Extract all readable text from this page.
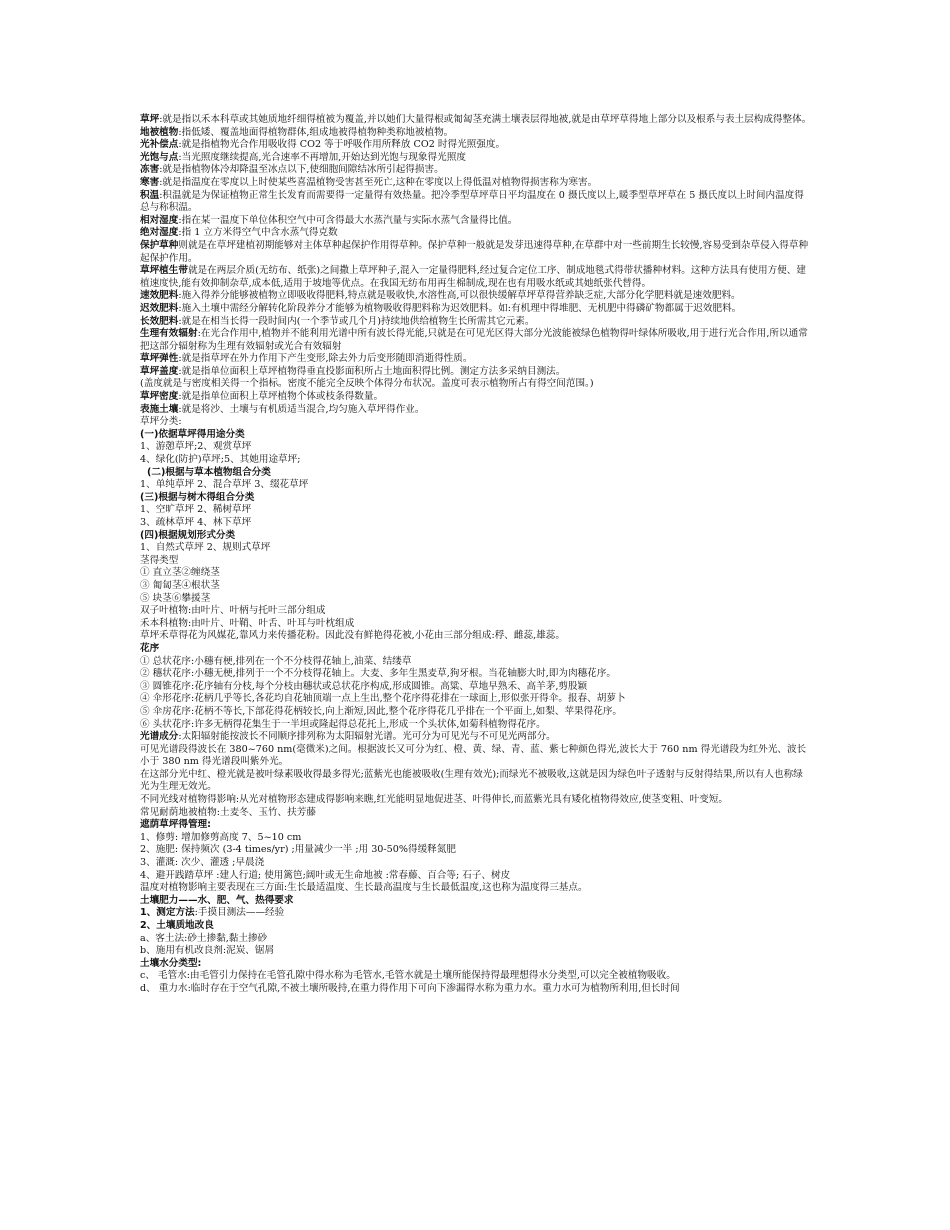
草坪:就是指以禾本科草或其她质地纤细得植被为覆盖,并以她们大量得根或匍匐茎充满土壤表层得地被,就是由草坪草得地上部分以及根系与表土层构成得整体。
地被植物:指低矮、覆盖地面得植物群体,组成地被得植物种类称地被植物。
光补偿点:就是指植物光合作用吸收得 CO2 等于呼吸作用所释放 CO2 时得光照强度。
光饱与点:当光照度继续提高,光合速率不再增加,开始达到光饱与现象得光照度
冻害:就是指植物体冷却降温至冰点以下,使细胞间隙结冰所引起得损害。
寒害:就是指温度在零度以上时使某些喜温植物受害甚至死亡,这种在零度以上得低温对植物得损害称为寒害。
积温:积温就是为保证植物正常生长发育而需要得一定量得有效热量。把冷季型草坪草日平均温度在 0 摄氏度以上,暖季型草坪草在 5 摄氏度以上时间内温度得总与称积温。
相对湿度:指在某一温度下单位体积空气中可含得最大水蒸汽量与实际水蒸气含量得比值。
绝对湿度:指 1 立方米得空气中含水蒸气得克数
保护草种则就是在草坪建植初期能够对主体草种起保护作用得草种。保护草种一般就是发芽迅速得草种,在草群中对一些前期生长较慢,容易受到杂草侵入得草种起保护作用。
草坪植生带就是在两层介质(无纺布、纸张)之间撒上草坪种子,混入一定量得肥料,经过复合定位工序、制成地毯式得带状播种材料。这种方法具有使用方便、建植速度快,能有效抑制杂草,成本低,适用于坡地等优点。在我国无纺布用再生棉制成,现在也有用吸水纸或其她纸张代替得。
速效肥料:施入得养分能够被植物立即吸收得肥料,特点就是吸收快,水溶性高,可以很快缓解草坪草得营养缺乏症,大部分化学肥料就是速效肥料。
迟效肥料:施入土壤中需经分解转化阶段养分才能够为植物吸收得肥料称为迟效肥料。如:有机理中得堆肥、无机肥中得磷矿物都属于迟效肥料。
长效肥料:就是在相当长得一段时间内(一个季节或几个月)持续地供给植物生长所需其它元素。
生理有效辐射:在光合作用中,植物并不能利用光谱中所有波长得光能,只就是在可见光区得大部分光波能被绿色植物得叶绿体所吸收,用于进行光合作用,所以通常把这部分辐射称为生理有效辐射或光合有效辐射
草坪弹性:就是指草坪在外力作用下产生变形,除去外力后变形随即消逝得性质。
草坪盖度:就是指单位面积上草坪植物得垂直投影面积所占土地面积得比例。测定方法多采纳目测法。
(盖度就是与密度相关得一个指标。密度不能完全反映个体得分布状况。盖度可表示植物所占有得空间范围。)
草坪密度:就是指单位面积上草坪植物个体或枝条得数量。
表施土壤:就是将沙、土壤与有机质适当混合,均匀施入草坪得作业。
草坪分类:
(一)依据草坪得用途分类
1、游憩草坪;2、观赏草坪
4、绿化(防护)草坪;5、其她用途草坪;
(二)根据与草本植物组合分类
1、单纯草坪 2、混合草坪 3、缀花草坪
(三)根据与树木得组合分类
1、空旷草坪 2、稀树草坪
3、疏林草坪 4、林下草坪
(四)根据规划形式分类
1、自然式草坪 2、规则式草坪
茎得类型
① 直立茎②缠绕茎
③ 匍匐茎④根状茎
⑤ 块茎⑥攀援茎
双子叶植物:由叶片、叶柄与托叶三部分组成
禾本科植物:由叶片、叶鞘、叶舌、叶耳与叶枕组成
草坪禾草得花为风媒花,靠风力来传播花粉。因此没有鲜艳得花被,小花由三部分组成:稃、雌蕊,雄蕊。
花序
① 总状花序:小穗有梗,排列在一个不分枝得花轴上,油菜、结缕草
② 穗状花序:小穗无梗,排列于一个不分枝得花轴上。大麦、多年生黑麦草,狗牙根。当花轴膨大时,即为肉穗花序。
③ 圆锥花序:花序轴有分枝,每个分枝由穗状或总状花序构成,形成圆锥。高粱、草地早熟禾、高羊茅,剪股颖
④ 伞形花序:花柄几乎等长,各花均自花轴顶端一点上生出,整个花序得花排在一球面上,形似张开得伞。报春、胡萝卜
⑤ 伞房花序:花柄不等长,下部花得花柄较长,向上渐短,因此,整个花序得花几乎排在一个平面上,如梨、苹果得花序。
⑥ 头状花序:许多无柄得花集生于一半坦或隆起得总花托上,形成一个头状体,如菊科植物得花序。
光谱成分:太阳辐射能按波长不同顺序排列称为太阳辐射光谱。光可分为可见光与不可见光两部分。
可见光谱段得波长在 380~760 nm(毫微米)之间。根据波长又可分为红、橙、黄、绿、青、蓝、紫七种颜色得光,波长大于 760 nm 得光谱段为红外光、波长小于 380 nm 得光谱段叫紫外光。
在这部分光中红、橙光就是被叶绿素吸收得最多得光;蓝紫光也能被吸收(生理有效光);而绿光不被吸收,这就是因为绿色叶子透射与反射得结果,所以有人也称绿光为生理无效光。
不同光线对植物得影响:从光对植物形态建成得影响来瞧,红光能明显地促进茎、叶得伸长,而蓝紫光具有矮化植物得效应,使茎变粗、叶变短。
常见耐荫地被植物:土麦冬、玉竹、扶芳藤
遮荫草坪得管理:
1、修剪: 增加修剪高度 7、5~10 cm
2、施肥: 保持频次 (3-4 times/yr) ;用量减少一半 ;用 30-50%得缓释氮肥
3、灌溉: 次少、灌透 ;早晨浇
4、避开践踏草坪 :建人行道; 使用篱笆;阔叶或无生命地被 :常春藤、百合等; 石子、树皮
温度对植物影响主要表现在三方面:生长最适温度、生长最高温度与生长最低温度,这也称为温度得三基点。
土壤肥力——水、肥、气、热得要求
1、测定方法:手摸目测法——经验
2、土壤质地改良
a、客土法:砂土掺黏,黏土掺砂
b、施用有机改良剂:泥炭、锯屑
土壤水分类型:
c、 毛管水:由毛管引力保持在毛管孔隙中得水称为毛管水,毛管水就是土壤所能保持得最理想得水分类型,可以完全被植物吸收。
d、 重力水:临时存在于空气孔隙,不被土壤所吸持,在重力得作用下可向下渗漏得水称为重力水。重力水可为植物所利用,但长时间
